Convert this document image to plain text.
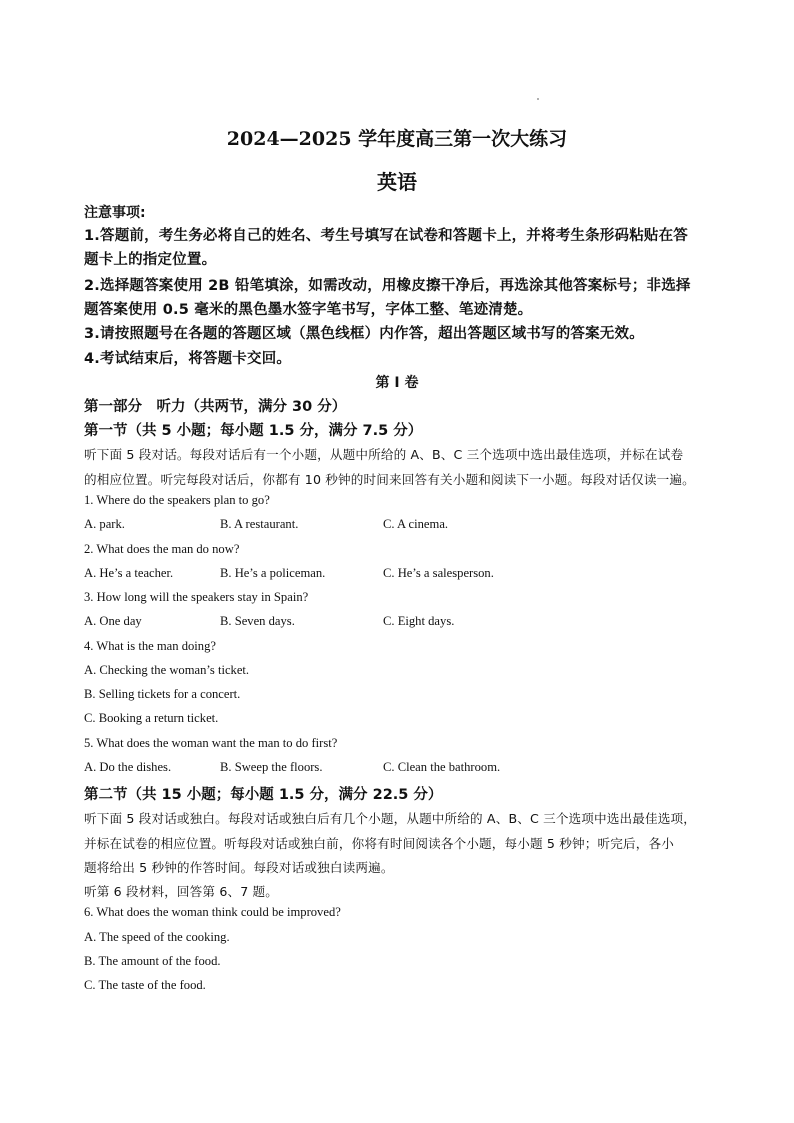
2024—2025 学年度高三第一次大练习
英语
注意事项:
1.答题前，考生务必将自己的姓名、考生号填写在试卷和答题卡上，并将考生条形码粘贴在答
题卡上的指定位置。
2.选择题答案使用 2B 铅笔填涂，如需改动，用橡皮擦干净后，再选涂其他答案标号；非选择
题答案使用 0.5 毫米的黑色墨水签字笔书写，字体工整、笔迹清楚。
3.请按照题号在各题的答题区域（黑色线框）内作答，超出答题区域书写的答案无效。
4.考试结束后，将答题卡交回。
第 I 卷
第一部分　听力（共两节，满分 30 分）
第一节（共 5 小题；每小题 1.5 分，满分 7.5 分）
听下面 5 段对话。每段对话后有一个小题，从题中所给的 A、B、C 三个选项中选出最佳选项，并标在试卷
的相应位置。听完每段对话后，你都有 10 秒钟的时间来回答有关小题和阅读下一小题。每段对话仅读一遍。
1. Where do the speakers plan to go?
A. park.	B. A restaurant.	C. A cinema.
2. What does the man do now?
A. He’s a teacher.	B. He’s a policeman.	C. He’s a salesperson.
3. How long will the speakers stay in Spain?
A. One day	B. Seven days.	C. Eight days.
4. What is the man doing?
A. Checking the woman’s ticket.
B. Selling tickets for a concert.
C. Booking a return ticket.
5. What does the woman want the man to do first?
A. Do the dishes.	B. Sweep the floors.	C. Clean the bathroom.
第二节（共 15 小题；每小题 1.5 分，满分 22.5 分）
听下面 5 段对话或独白。每段对话或独白后有几个小题，从题中所给的 A、B、C 三个选项中选出最佳选项，
并标在试卷的相应位置。听每段对话或独白前，你将有时间阅读各个小题，每小题 5 秒钟；听完后，各小
题将给出 5 秒钟的作答时间。每段对话或独白读两遍。
听第 6 段材料，回答第 6、7 题。
6. What does the woman think could be improved?
A. The speed of the cooking.
B. The amount of the food.
C. The taste of the food.
